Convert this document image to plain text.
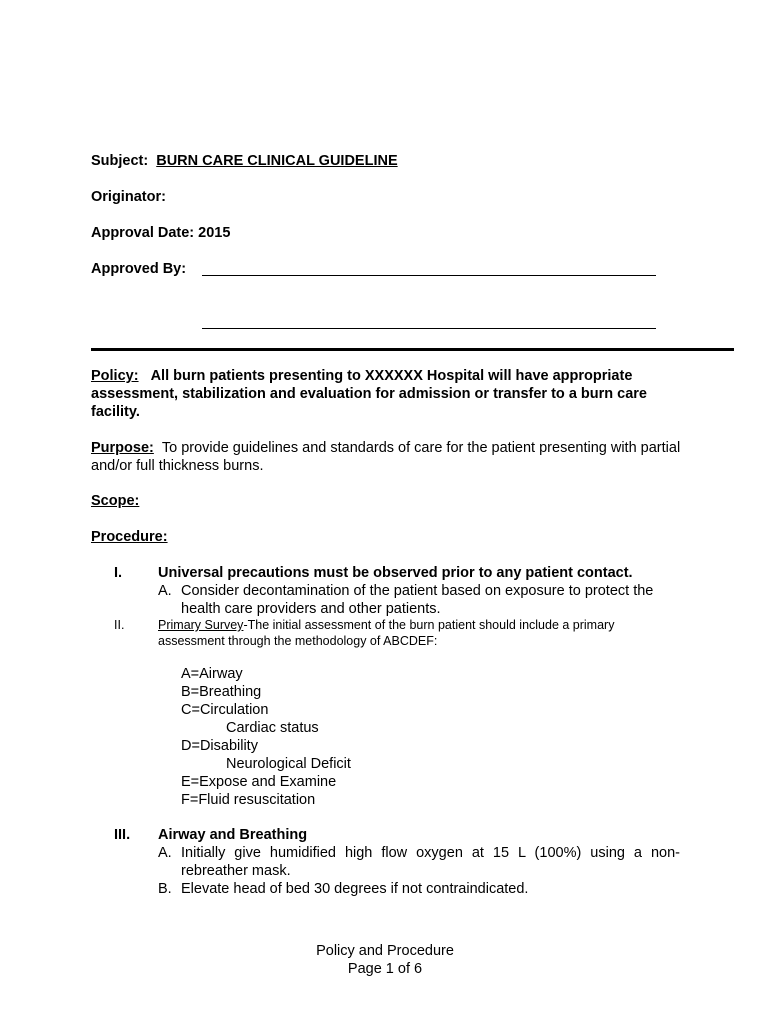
Subject: BURN CARE CLINICAL GUIDELINE
Originator:
Approval Date: 2015
Approved By:
Policy: All burn patients presenting to XXXXXX Hospital will have appropriate assessment, stabilization and evaluation for admission or transfer to a burn care facility.
Purpose: To provide guidelines and standards of care for the patient presenting with partial and/or full thickness burns.
Scope:
Procedure:
I. Universal precautions must be observed prior to any patient contact.
A. Consider decontamination of the patient based on exposure to protect the
health care providers and other patients.
II.	Primary Survey-The initial assessment of the burn patient should include a primary
assessment through the methodology of ABCDEF:
A=Airway
B=Breathing
C=Circulation
Cardiac status
D=Disability
Neurological Deficit
E=Expose and Examine
F=Fluid resuscitation
III. Airway and Breathing
A. Initially give humidified high flow oxygen at 15 L (100%) using a non-
rebreather mask.
B. Elevate head of bed 30 degrees if not contraindicated.
Policy and Procedure
Page 1 of 6
